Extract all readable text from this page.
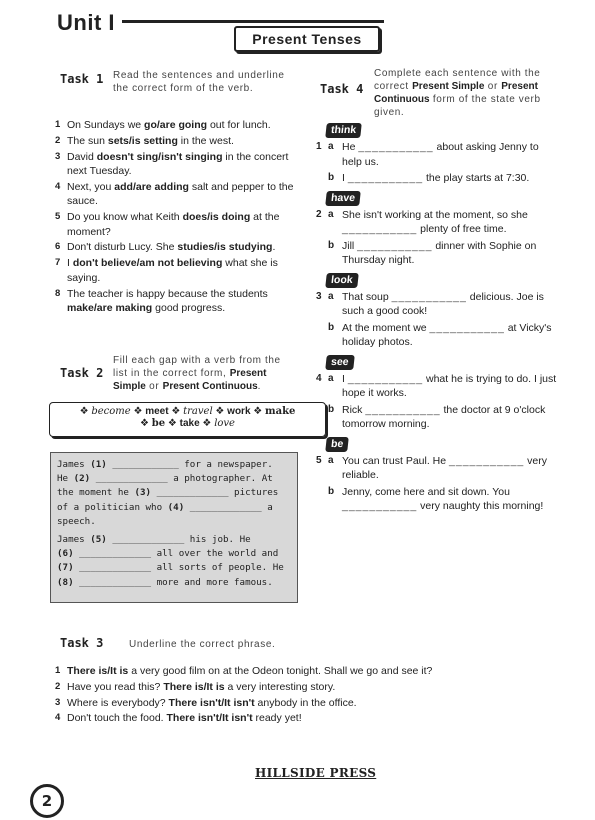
Unit I
Present Tenses
Task 1 Read the sentences and underline the correct form of the verb.
1 On Sundays we go/are going out for lunch.
2 The sun sets/is setting in the west.
3 David doesn't sing/isn't singing in the concert next Tuesday.
4 Next, you add/are adding salt and pepper to the sauce.
5 Do you know what Keith does/is doing at the moment?
6 Don't disturb Lucy. She studies/is studying.
7 I don't believe/am not believing what she is saying.
8 The teacher is happy because the students make/are making good progress.
Task 2
Fill each gap with a verb from the list in the correct form, Present Simple or Present Continuous.
❖ become ❖ meet ❖ travel ❖ work ❖ make
❖ be ❖ take ❖ love
James (1) ____________ for a newspaper.
He (2) _____________ a photographer. At
the moment he (3) _____________ pictures
of a politician who (4) _____________ a
speech.
James (5) _____________ his job. He
(6) _____________ all over the world and
(7) _____________ all sorts of people. He
(8) _____________ more and more famous.
Task 3	Underline the correct phrase.
1 There is/It is a very good film on at the Odeon tonight. Shall we go and see it?
2 Have you read this? There is/It is a very interesting story.
3 Where is everybody? There isn't/It isn't anybody in the office.
4 Don't touch the food. There isn't/It isn't ready yet!
Task 4
Complete each sentence with the correct Present Simple or Present Continuous form of the state verb given.
think
1 a He ___________ about asking Jenny to help us.
b I ___________ the play starts at 7:30.
have
2 a She isn't working at the moment, so she ___________ plenty of free time.
b Jill ___________ dinner with Sophie on Thursday night.
look
3 a That soup ___________ delicious. Joe is such a good cook!
b At the moment we ___________ at Vicky's holiday photos.
see
4 a I ___________ what he is trying to do. I just hope it works.
b Rick ___________ the doctor at 9 o'clock tomorrow morning.
be
5 a You can trust Paul. He ___________ very reliable.
b Jenny, come here and sit down. You ___________ very naughty this morning!
HILLSIDE PRESS
2
